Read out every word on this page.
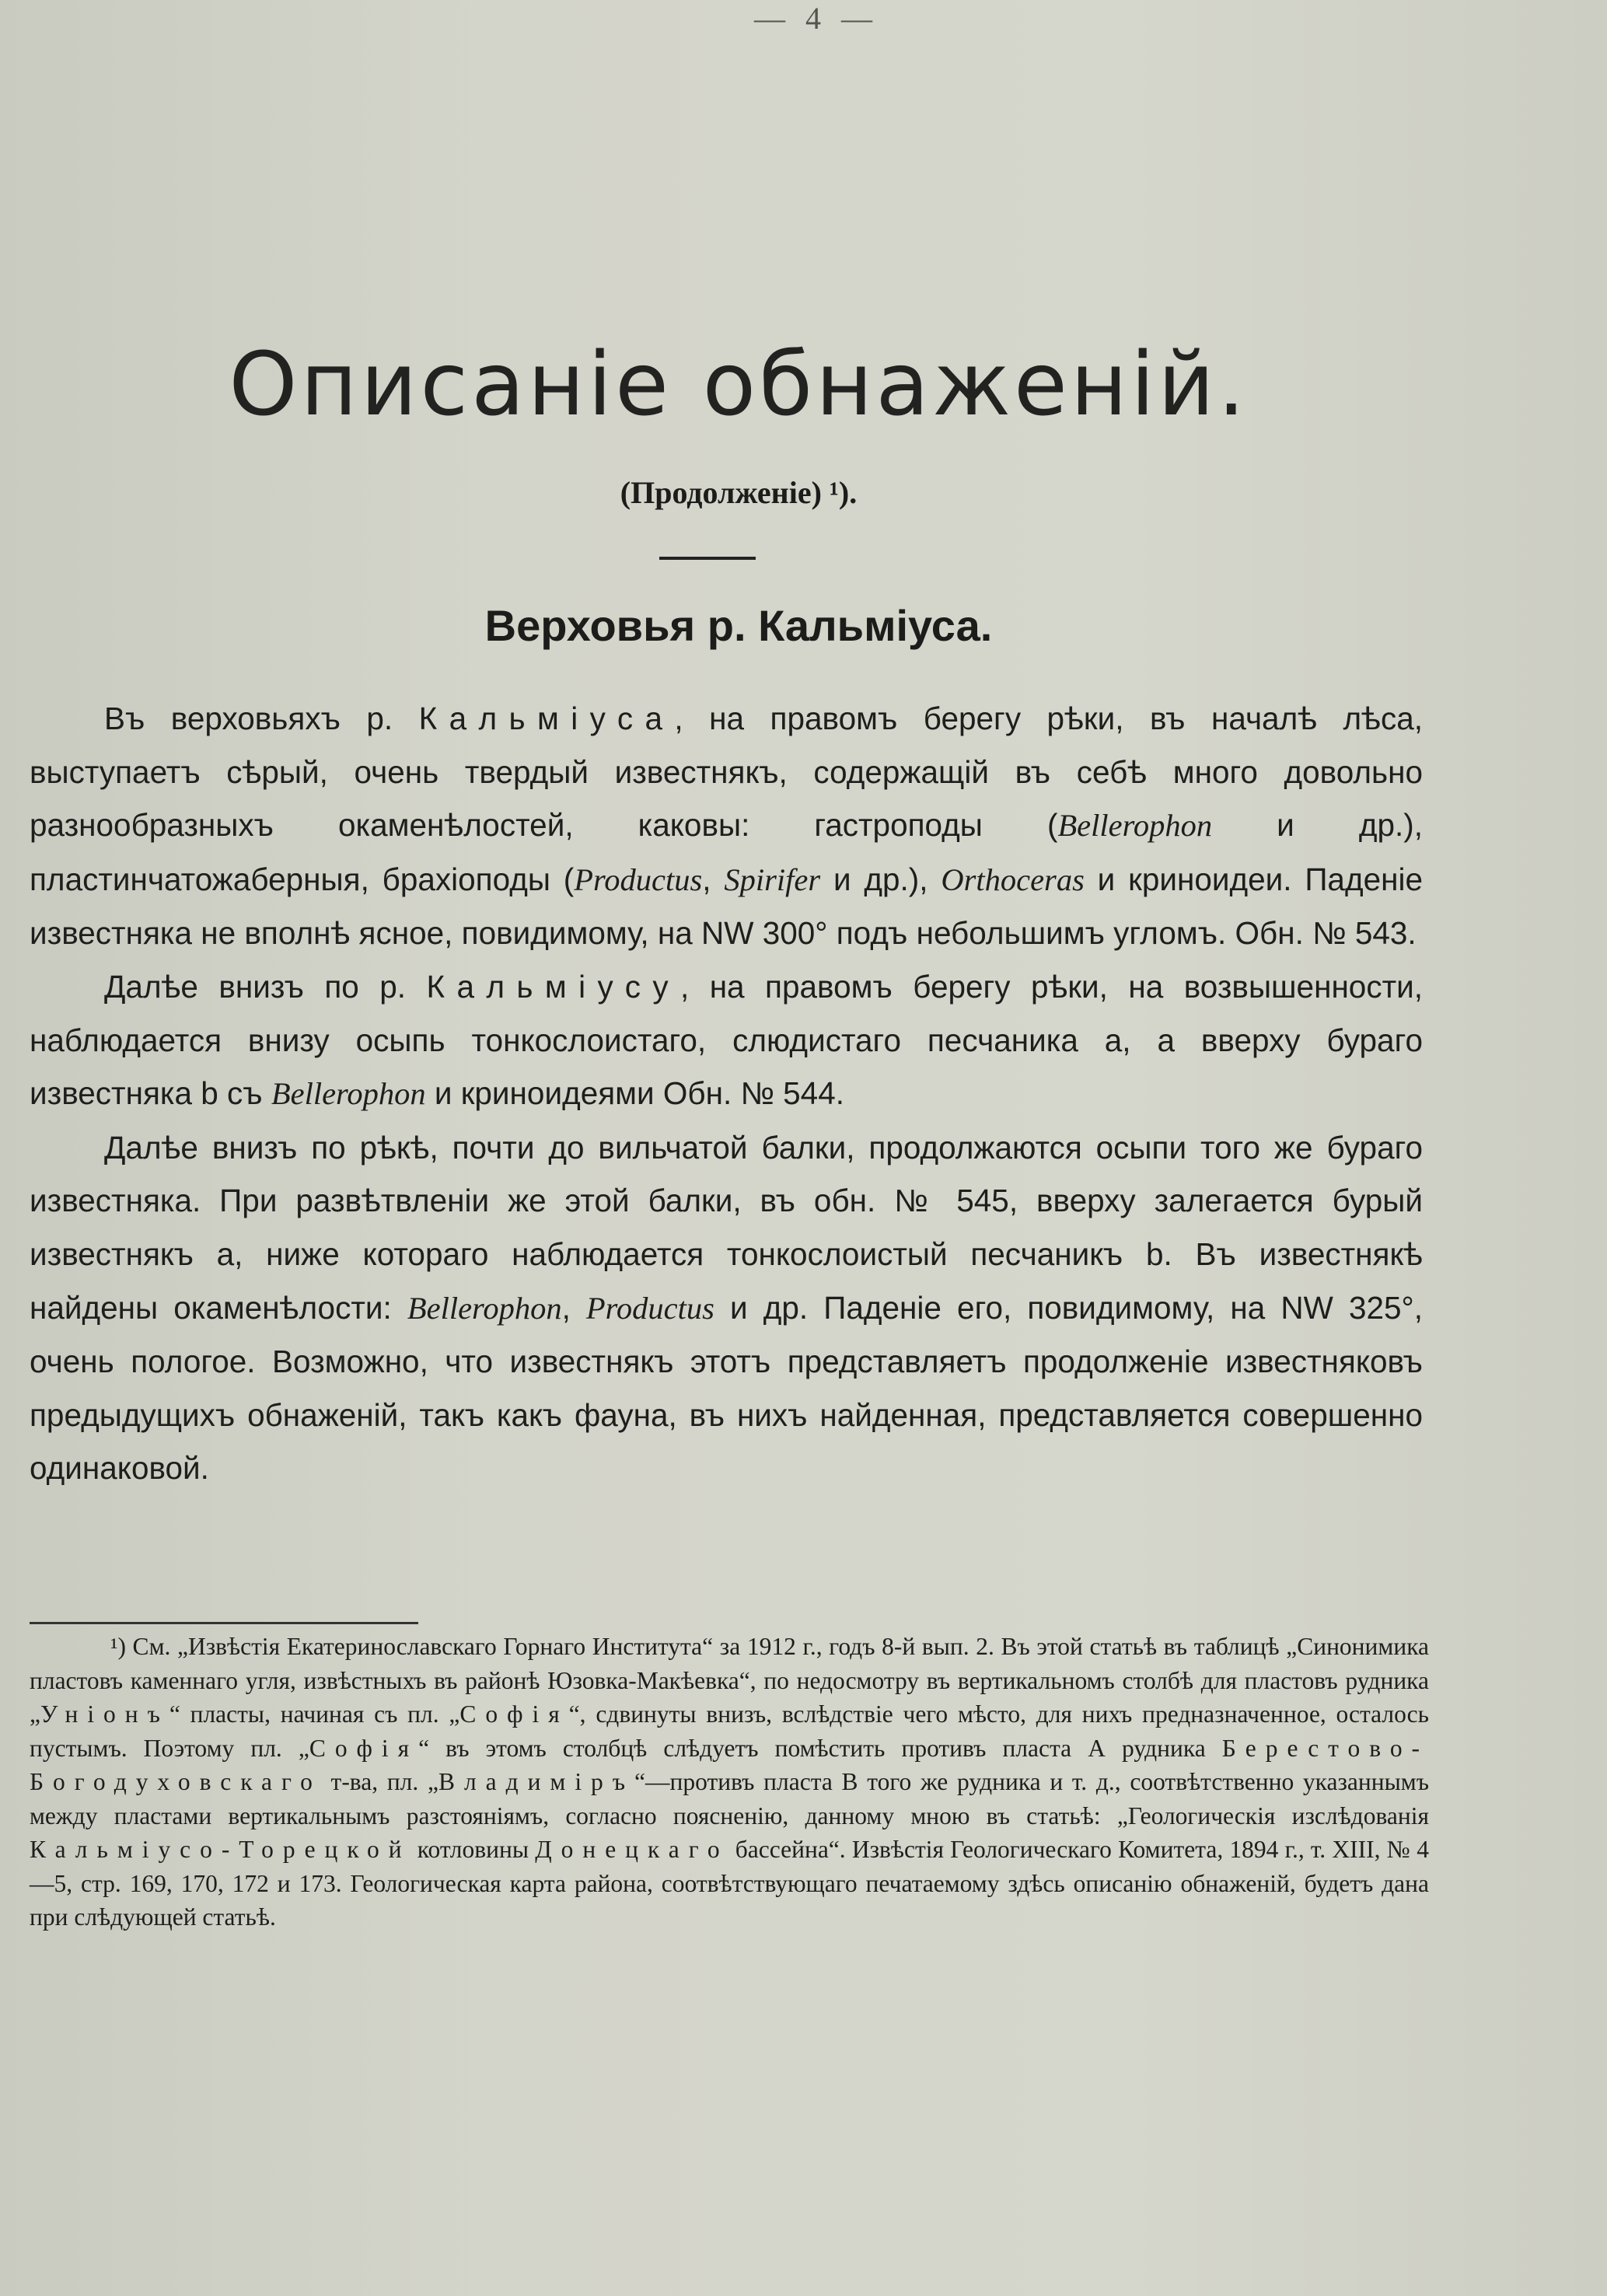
— 4 —
Описаніе обнаженій.
(Продолженіе) ¹).
Верховья р. Кальміуса.

Въ верховьяхъ р. Кальміуса, на правомъ берегу рѣки, въ началѣ лѣса, выступаетъ сѣрый, очень твердый известнякъ, содержащій въ себѣ много довольно разнообразныхъ окаменѣлостей, каковы: гастроподы (Bellerophon и др.), пластинчатожаберныя, брахіоподы (Productus, Spirifer и др.), Orthoceras и криноидеи. Паденіе известняка не вполнѣ ясное, повидимому, на NW 300° подъ небольшимъ угломъ. Обн. № 543.

Далѣе внизъ по р. Кальміусу, на правомъ берегу рѣки, на возвышенности, наблюдается внизу осыпь тонкослоистаго, слюдистаго песчаника a, а вверху бураго известняка b съ Bellerophon и криноидеями Обн. № 544.

Далѣе внизъ по рѣкѣ, почти до вильчатой балки, продолжаются осыпи того же бураго известняка. При развѣтвленіи же этой балки, въ обн. № 545, вверху залегается бурый известнякъ a, ниже котораго наблюдается тонкослоистый песчаникъ b. Въ известнякѣ найдены окаменѣлости: Bellerophon, Productus и др. Паденіе его, повидимому, на NW 325°, очень пологое. Возможно, что известнякъ этотъ представляетъ продолженіе известняковъ предыдущихъ обнаженій, такъ какъ фауна, въ нихъ найденная, представляется совершенно одинаковой.

¹) См. „Извѣстія Екатеринославскаго Горнаго Института“ за 1912 г., годъ 8-й вып. 2. Въ этой статьѣ въ таблицѣ „Синонимика пластовъ каменнаго угля, извѣстныхъ въ районѣ Юзовка-Макѣевка“, по недосмотру въ вертикальномъ столбѣ для пластовъ рудника „Уніонъ“ пласты, начиная съ пл. „Софія“, сдвинуты внизъ, вслѣдствіе чего мѣсто, для нихъ предназначенное, осталось пустымъ. Поэтому пл. „Софія“ въ этомъ столбцѣ слѣдуетъ помѣстить противъ пласта А рудника Берестово-Богодуховскаго т-ва, пл. „Владиміръ“—противъ пласта В того же рудника и т. д., соотвѣтственно указаннымъ между пластами вертикальнымъ разстояніямъ, согласно поясненію, данному мною въ статьѣ: „Геологическія изслѣдованія Кальміусо-Торецкой котловины Донецкаго бассейна“. Извѣстія Геологическаго Комитета, 1894 г., т. XIII, № 4—5, стр. 169, 170, 172 и 173. Геологическая карта района, соотвѣтствующаго печатаемому здѣсь описанію обнаженій, будетъ дана при слѣдующей статьѣ.
